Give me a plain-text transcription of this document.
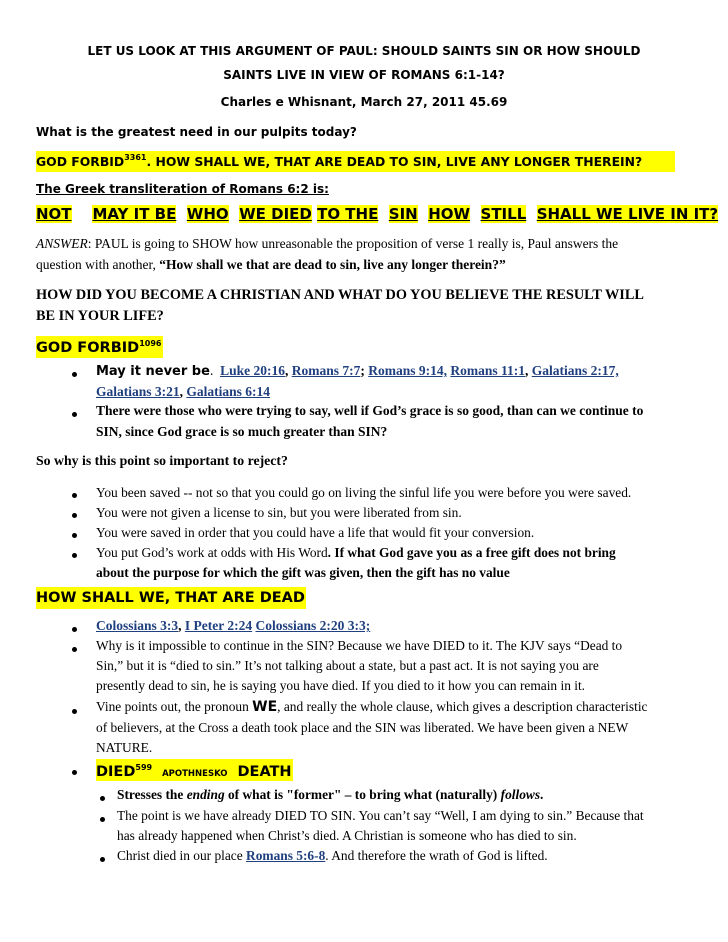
LET US LOOK AT THIS ARGUMENT OF PAUL: SHOULD SAINTS SIN OR HOW SHOULD
SAINTS LIVE IN VIEW OF ROMANS 6:1-14?
Charles e Whisnant, March 27, 2011 45.69
What is the greatest need in our pulpits today?
GOD $FORBID^{3361}$. HOW SHALL WE, THAT ARE DEAD TO SIN, LIVE ANY LONGER THEREIN?
The Greek transliteration of Romans 6:2 is:
NOT MAY IT BE WHO WE DIED TO THE SIN HOW STILL SHALL WE LIVE IN IT?
ANSWER: PAUL is going to SHOW how unreasonable the proposition of verse 1 really is, Paul answers the
question with another, “How shall we that are dead to sin, live any longer therein?”
HOW DID YOU BECOME A CHRISTIAN AND WHAT DO YOU BELIEVE THE RESULT WILL
BE IN YOUR LIFE?
GOD $FORBID^{1096}$
May it never be.  Luke 20:16, Romans 7:7; Romans 9:14, Romans 11:1, Galatians 2:17,
Galatians 3:21, Galatians 6:14
There were those who were trying to say, well if God’s grace is so good, than can we continue to
SIN, since God grace is so much greater than SIN?
So why is this point so important to reject?
You been saved -- not so that you could go on living the sinful life you were before you were saved.
You were not given a license to sin, but you were liberated from sin.
You were saved in order that you could have a life that would fit your conversion.
You put God’s work at odds with His Word. If what God gave you as a free gift does not bring
about the purpose for which the gift was given, then the gift has no value
HOW SHALL WE, THAT ARE DEAD
Colossians 3:3, I Peter 2:24 Colossians 2:20 3:3;
Why is it impossible to continue in the SIN? Because we have DIED to it. The KJV says “Dead to
Sin,” but it is “died to sin.” It’s not talking about a state, but a past act. It is not saying you are
presently dead to sin, he is saying you have died. If you died to it how you can remain in it.
Vine points out, the pronoun WE, and really the whole clause, which gives a description characteristic
of believers, at the Cross a death took place and the SIN was liberated. We have been given a NEW
NATURE.
DIED$^{599}$APOTHNESKO DEATH
Stresses the ending of what is "former" – to bring what (naturally) follows.
The point is we have already DIED TO SIN. You can’t say “Well, I am dying to sin.” Because that
has already happened when Christ’s died. A Christian is someone who has died to sin.
Christ died in our place Romans 5:6-8. And therefore the wrath of God is lifted.
